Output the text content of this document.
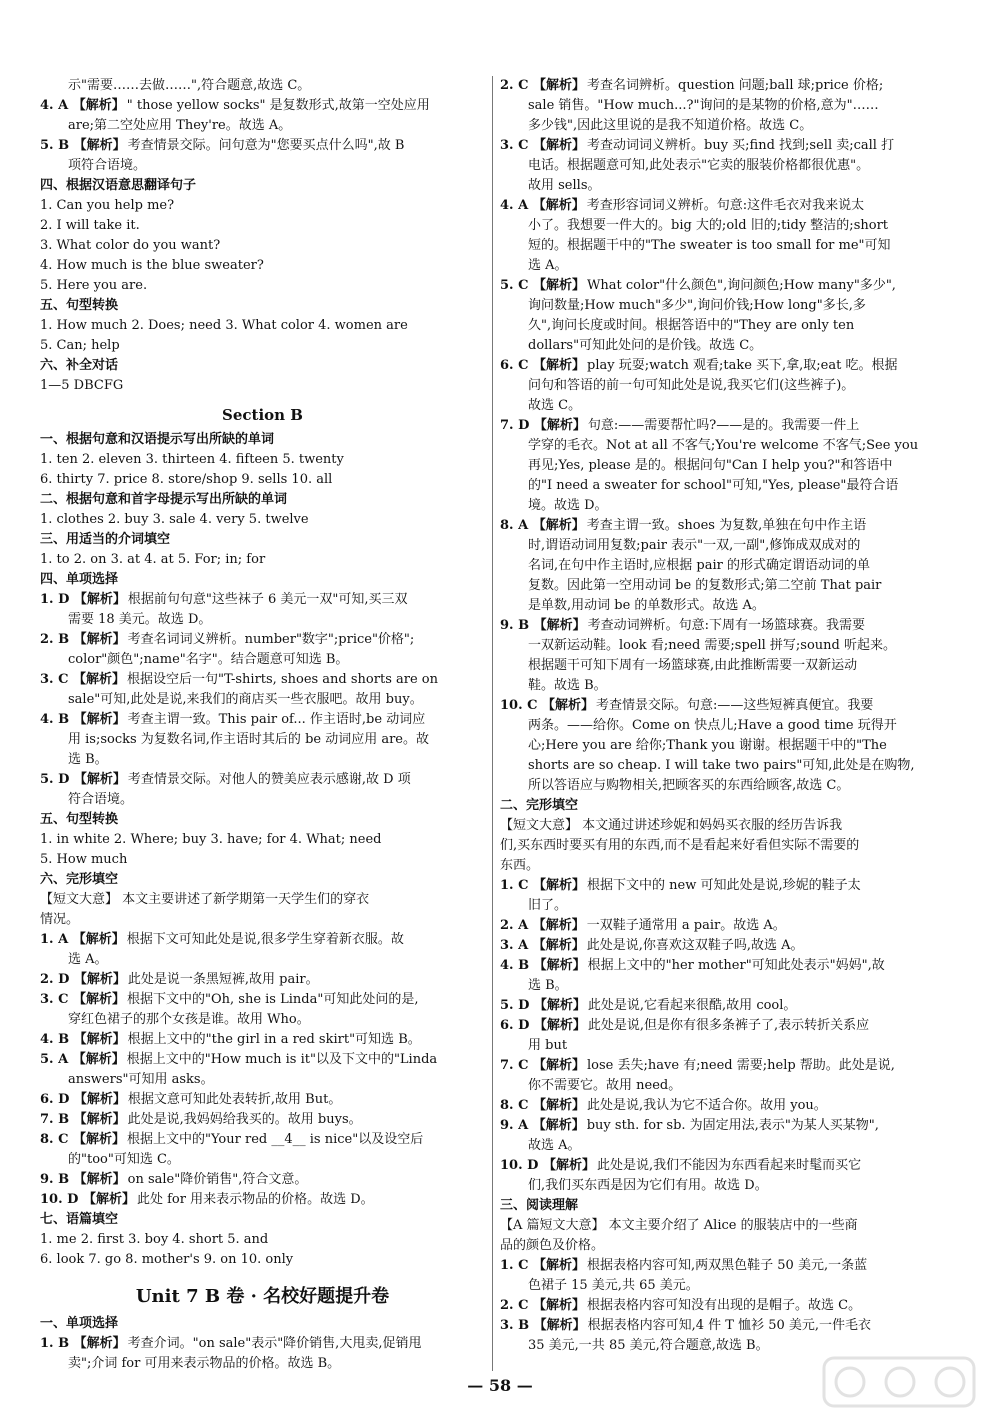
示"需要……去做……",符合题意,故选 C。
4. A 【解析】 " those yellow socks" 是复数形式,故第一空处应用
are;第二空处应用 They're。故选 A。
5. B 【解析】 考查情景交际。问句意为"您要买点什么吗",故 B
项符合语境。
四、根据汉语意思翻译句子
1. Can you help me?
2. I will take it.
3. What color do you want?
4. How much is the blue sweater?
5. Here you are.
五、句型转换
1. How much 2. Does; need 3. What color 4. women are
5. Can; help
六、补全对话
1—5 DBCFG
Section B
一、根据句意和汉语提示写出所缺的单词
1. ten 2. eleven 3. thirteen 4. fifteen 5. twenty
6. thirty 7. price 8. store/shop 9. sells 10. all
二、根据句意和首字母提示写出所缺的单词
1. clothes 2. buy 3. sale 4. very 5. twelve
三、用适当的介词填空
1. to 2. on 3. at 4. at 5. For; in; for
四、单项选择
1. D 【解析】 根据前句句意"这些袜子 6 美元一双"可知,买三双
需要 18 美元。故选 D。
2. B 【解析】 考查名词词义辨析。number"数字";price"价格";
color"颜色";name"名字"。结合题意可知选 B。
3. C 【解析】 根据设空后一句"T-shirts, shoes and shorts are on
sale"可知,此处是说,来我们的商店买一些衣服吧。故用 buy。
4. B 【解析】 考查主谓一致。This pair of... 作主语时,be 动词应
用 is;socks 为复数名词,作主语时其后的 be 动词应用 are。故
选 B。
5. D 【解析】 考查情景交际。对他人的赞美应表示感谢,故 D 项
符合语境。
五、句型转换
1. in white 2. Where; buy 3. have; for 4. What; need
5. How much
六、完形填空
【短文大意】 本文主要讲述了新学期第一天学生们的穿衣
情况。
1. A 【解析】 根据下文可知此处是说,很多学生穿着新衣服。故
选 A。
2. D 【解析】 此处是说一条黑短裤,故用 pair。
3. C 【解析】 根据下文中的"Oh, she is Linda"可知此处问的是,
穿红色裙子的那个女孩是谁。故用 Who。
4. B 【解析】 根据上文中的"the girl in a red skirt"可知选 B。
5. A 【解析】 根据上文中的"How much is it"以及下文中的"Linda
answers"可知用 asks。
6. D 【解析】 根据文意可知此处表转折,故用 But。
7. B 【解析】 此处是说,我妈妈给我买的。故用 buys。
8. C 【解析】 根据上文中的"Your red __4__ is nice"以及设空后
的"too"可知选 C。
9. B 【解析】 on sale"降价销售",符合文意。
10. D 【解析】 此处 for 用来表示物品的价格。故选 D。
七、语篇填空
1. me 2. first 3. boy 4. short 5. and
6. look 7. go 8. mother's 9. on 10. only
Unit 7 B 卷 · 名校好题提升卷
一、单项选择
1. B 【解析】 考查介词。"on sale"表示"降价销售,大甩卖,促销甩
卖";介词 for 可用来表示物品的价格。故选 B。
2. C 【解析】 考查名词辨析。question 问题;ball 球;price 价格;
sale 销售。"How much...?"询问的是某物的价格,意为"……
多少钱",因此这里说的是我不知道价格。故选 C。
3. C 【解析】 考查动词词义辨析。buy 买;find 找到;sell 卖;call 打
电话。根据题意可知,此处表示"它卖的服装价格都很优惠"。
故用 sells。
4. A 【解析】 考查形容词词义辨析。句意:这件毛衣对我来说太
小了。我想要一件大的。big 大的;old 旧的;tidy 整洁的;short
短的。根据题干中的"The sweater is too small for me"可知
选 A。
5. C 【解析】 What color"什么颜色",询问颜色;How many"多少",
询问数量;How much"多少",询问价钱;How long"多长,多
久",询问长度或时间。根据答语中的"They are only ten
dollars"可知此处问的是价钱。故选 C。
6. C 【解析】 play 玩耍;watch 观看;take 买下,拿,取;eat 吃。根据
问句和答语的前一句可知此处是说,我买它们(这些裤子)。
故选 C。
7. D 【解析】 句意:——需要帮忙吗?——是的。我需要一件上
学穿的毛衣。Not at all 不客气;You're welcome 不客气;See you
再见;Yes, please 是的。根据问句"Can I help you?"和答语中
的"I need a sweater for school"可知,"Yes, please"最符合语
境。故选 D。
8. A 【解析】 考查主谓一致。shoes 为复数,单独在句中作主语
时,谓语动词用复数;pair 表示"一双,一副",修饰成双成对的
名词,在句中作主语时,应根据 pair 的形式确定谓语动词的单
复数。因此第一空用动词 be 的复数形式;第二空前 That pair
是单数,用动词 be 的单数形式。故选 A。
9. B 【解析】 考查动词辨析。句意:下周有一场篮球赛。我需要
一双新运动鞋。look 看;need 需要;spell 拼写;sound 听起来。
根据题干可知下周有一场篮球赛,由此推断需要一双新运动
鞋。故选 B。
10. C 【解析】 考查情景交际。句意:——这些短裤真便宜。我要
两条。——给你。Come on 快点儿;Have a good time 玩得开
心;Here you are 给你;Thank you 谢谢。根据题干中的"The
shorts are so cheap. I will take two pairs"可知,此处是在购物,
所以答语应与购物相关,把顾客买的东西给顾客,故选 C。
二、完形填空
【短文大意】 本文通过讲述珍妮和妈妈买衣服的经历告诉我
们,买东西时要买有用的东西,而不是看起来好看但实际不需要的
东西。
1. C 【解析】 根据下文中的 new 可知此处是说,珍妮的鞋子太
旧了。
2. A 【解析】 一双鞋子通常用 a pair。故选 A。
3. A 【解析】 此处是说,你喜欢这双鞋子吗,故选 A。
4. B 【解析】 根据上文中的"her mother"可知此处表示"妈妈",故
选 B。
5. D 【解析】 此处是说,它看起来很酷,故用 cool。
6. D 【解析】 此处是说,但是你有很多条裤子了,表示转折关系应
用 but
7. C 【解析】 lose 丢失;have 有;need 需要;help 帮助。此处是说,
你不需要它。故用 need。
8. C 【解析】 此处是说,我认为它不适合你。故用 you。
9. A 【解析】 buy sth. for sb. 为固定用法,表示"为某人买某物",
故选 A。
10. D 【解析】 此处是说,我们不能因为东西看起来时髦而买它
们,我们买东西是因为它们有用。故选 D。
三、阅读理解
【A 篇短文大意】 本文主要介绍了 Alice 的服装店中的一些商
品的颜色及价格。
1. C 【解析】 根据表格内容可知,两双黑色鞋子 50 美元,一条蓝
色裙子 15 美元,共 65 美元。
2. C 【解析】 根据表格内容可知没有出现的是帽子。故选 C。
3. B 【解析】 根据表格内容可知,4 件 T 恤衫 50 美元,一件毛衣
35 美元,一共 85 美元,符合题意,故选 B。
— 58 —
